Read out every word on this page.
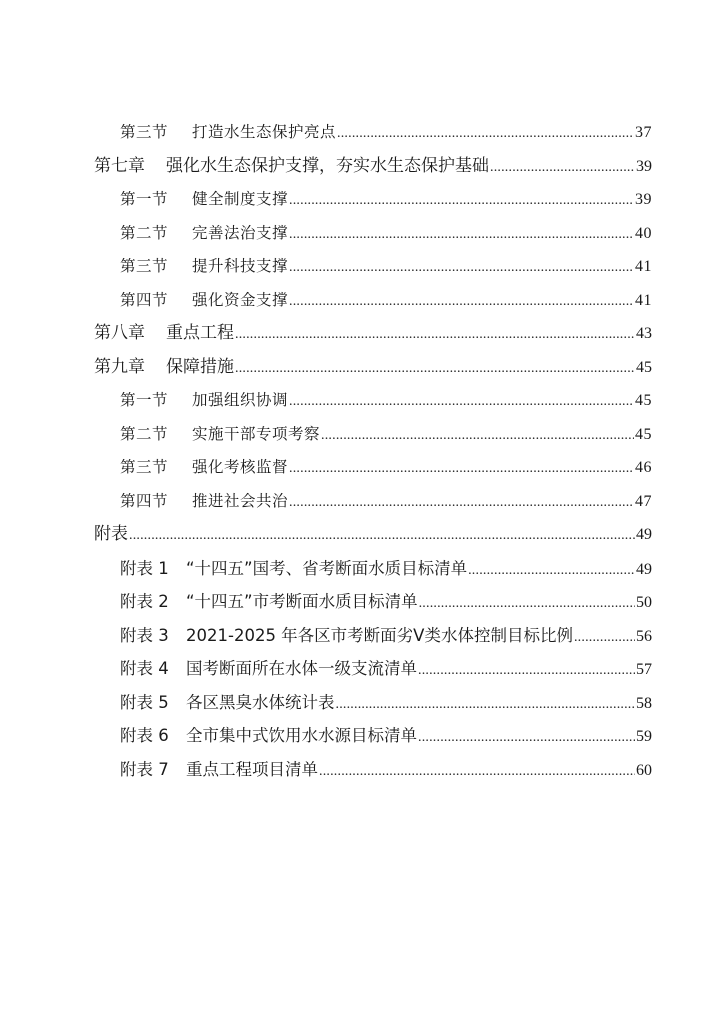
第三节	打造水生态保护亮点 .....	37
第七章	强化水生态保护支撑，夯实水生态保护基础 .....	39
第一节	健全制度支撑 .....	39
第二节	完善法治支撑 .....	40
第三节	提升科技支撑 .....	41
第四节	强化资金支撑 .....	41
第八章	重点工程 .....	43
第九章	保障措施 .....	45
第一节	加强组织协调 .....	45
第二节	实施干部专项考察 .....	45
第三节	强化考核监督 .....	46
第四节	推进社会共治 .....	47
附表 .....	49
附表 1	“十四五”国考、省考断面水质目标清单 .....	49
附表 2	“十四五”市考断面水质目标清单 .....	50
附表 3	2021-2025 年各区市考断面劣Ⅴ类水体控制目标比例 .....	56
附表 4	国考断面所在水体一级支流清单 .....	57
附表 5	各区黑臭水体统计表 .....	58
附表 6	全市集中式饮用水水源目标清单 .....	59
附表 7	重点工程项目清单 .....	60
